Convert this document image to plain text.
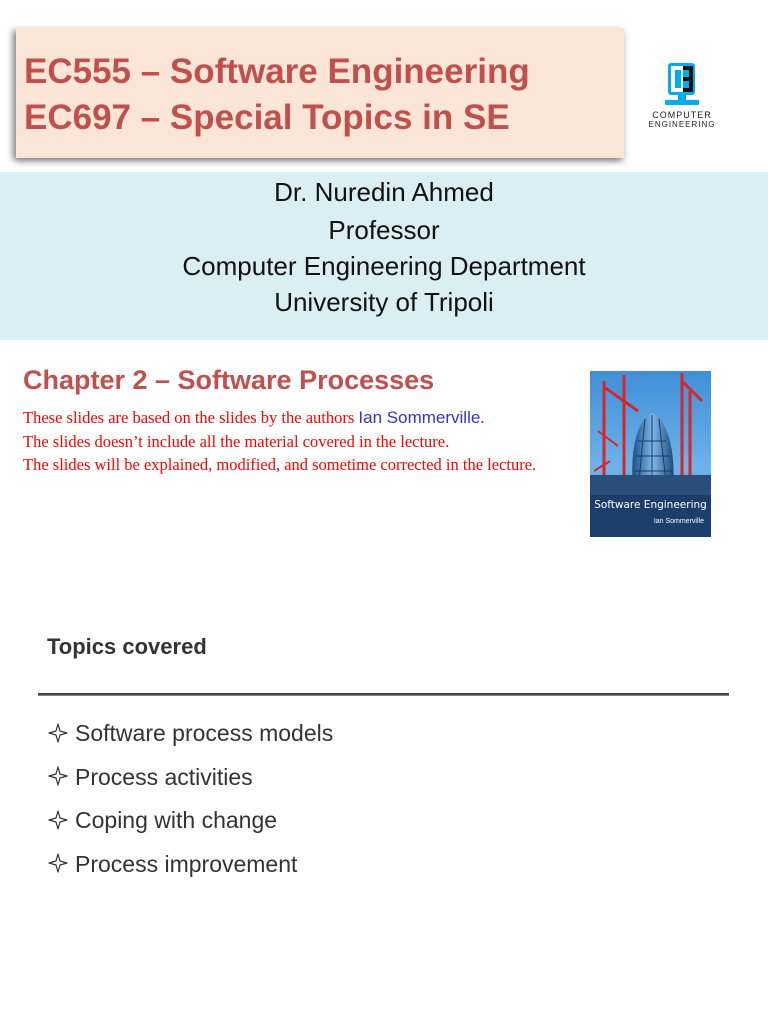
EC555 – Software Engineering
EC697 – Special Topics in SE	COMPUTER
ENGINEERING
Dr. Nuredin Ahmed
Professor
Computer Engineering Department
University of Tripoli
Chapter 2 – Software Processes
These slides are based on the slides by the authors Ian Sommerville.
The slides doesn’t include all the material covered in the lecture.
The slides will be explained, modified, and sometime corrected in the lecture.
Software Engineering
Ian Sommerville
Topics covered
Software process models
Process activities
Coping with change
Process improvement
